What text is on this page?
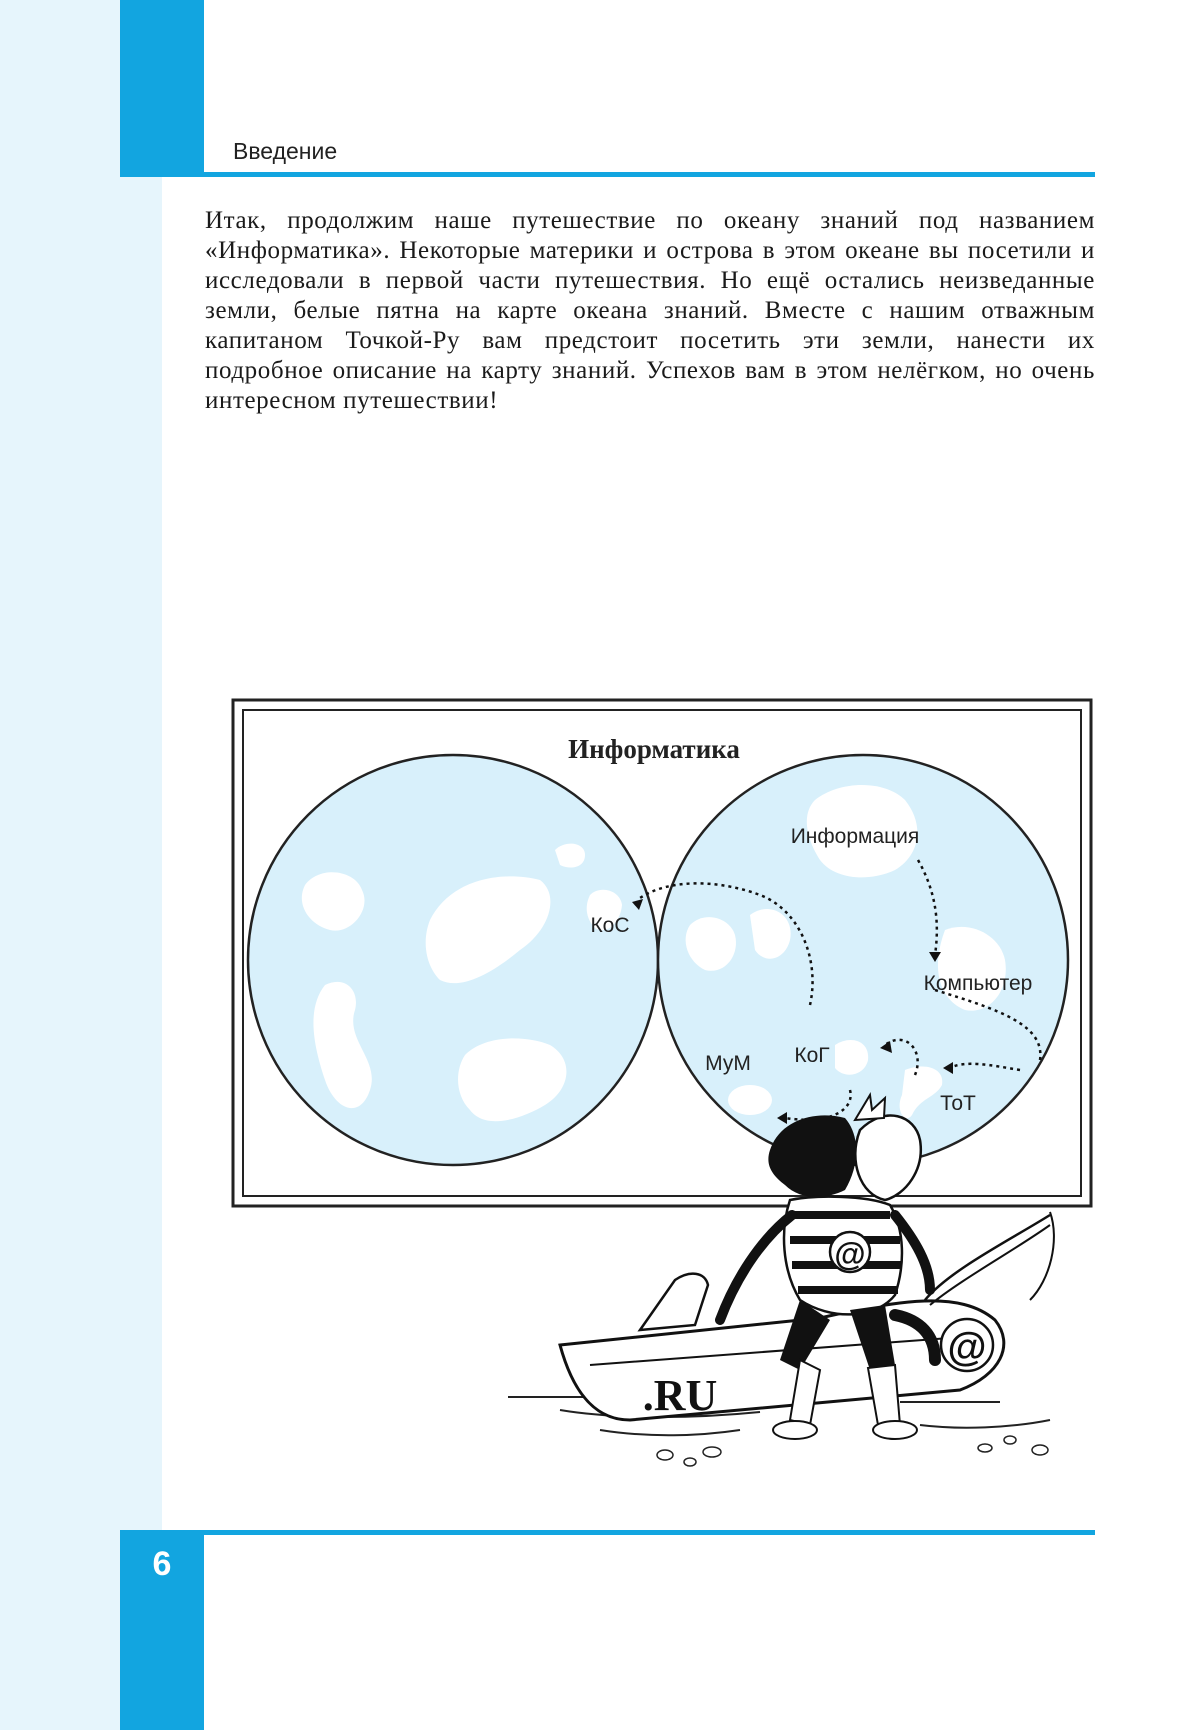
Введение
Итак, продолжим наше путешествие по океану знаний под названием «Информатика». Некоторые материки и острова в этом океане вы посетили и исследовали в первой части путешествия. Но ещё остались неизведанные земли, белые пятна на карте океана знаний. Вместе с нашим отважным капитаном Точкой-Ру вам предстоит посетить эти земли, нанести их подробное описание на карту знаний. Успехов вам в этом нелёгком, но очень интересном путешествии!
Информатика
Информация
Компьютер
КоС
МуМ КоГ
ТоТ
@
.RU
@
6
